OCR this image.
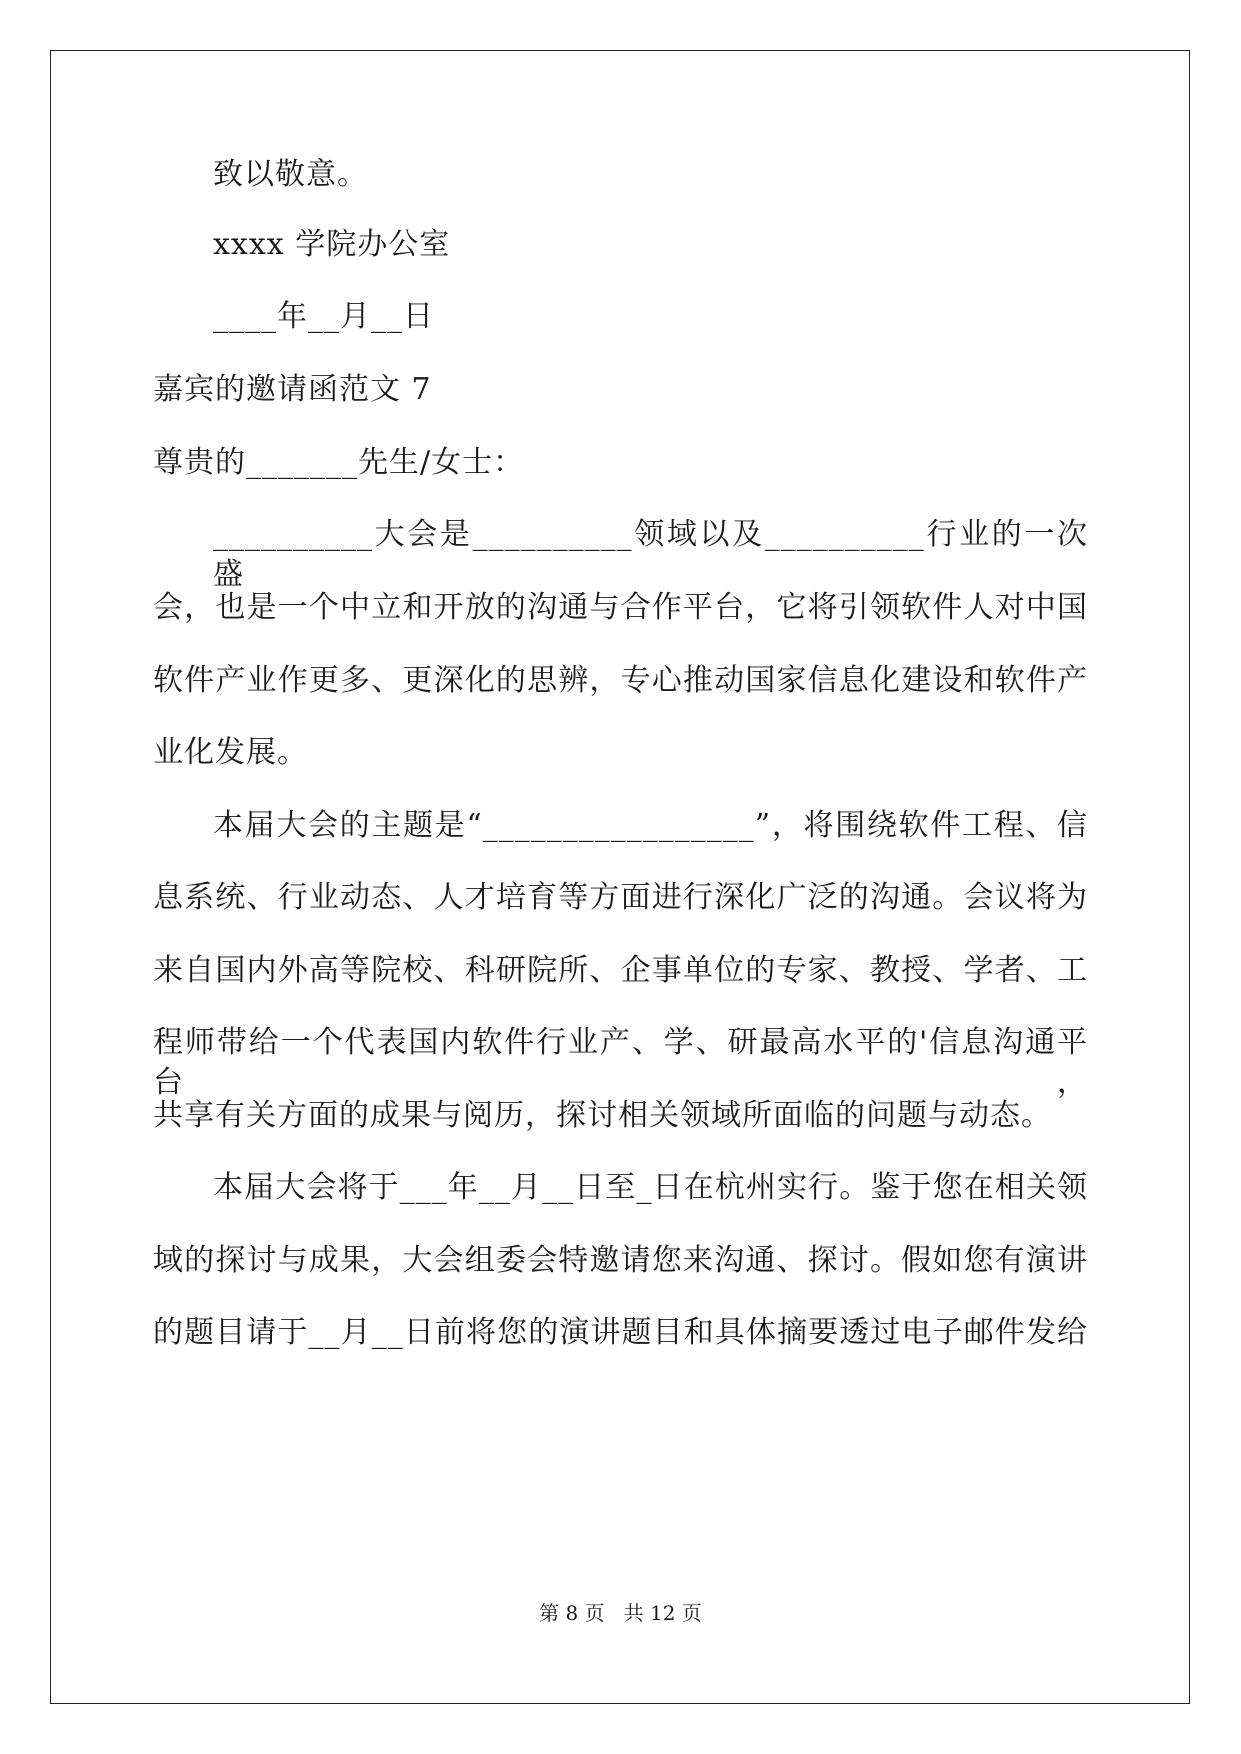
致以敬意。
xxxx 学院办公室
____年__月__日
嘉宾的邀请函范文 7
尊贵的_______先生/女士：
__________大会是__________领域以及__________行业的一次盛
会，也是一个中立和开放的沟通与合作平台，它将引领软件人对中国
软件产业作更多、更深化的思辨，专心推动国家信息化建设和软件产
业化发展。
本届大会的主题是“_________________”，将围绕软件工程、信
息系统、行业动态、人才培育等方面进行深化广泛的沟通。会议将为
来自国内外高等院校、科研院所、企事单位的专家、教授、学者、工
程师带给一个代表国内软件行业产、学、研最高水平的'信息沟通平台，
共享有关方面的成果与阅历，探讨相关领域所面临的问题与动态。
本届大会将于___年__月__日至_日在杭州实行。鉴于您在相关领
域的探讨与成果，大会组委会特邀请您来沟通、探讨。假如您有演讲
的题目请于__月__日前将您的演讲题目和具体摘要透过电子邮件发给
第 8 页   共 12 页
